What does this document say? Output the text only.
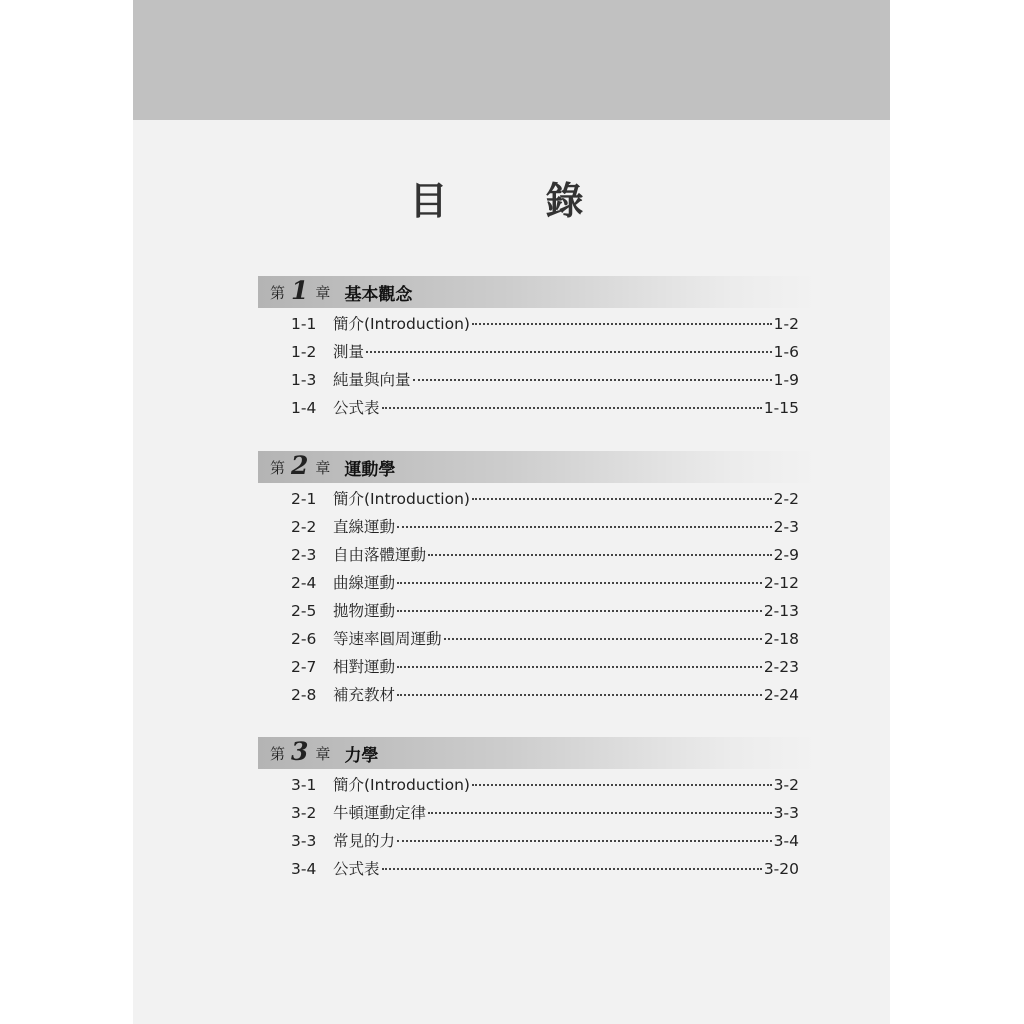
目　錄
第 1 章 基本觀念
1-1	簡介(Introduction)	1-2
1-2	測量	1-6
1-3	純量與向量	1-9
1-4	公式表	1-15
第 2 章 運動學
2-1	簡介(Introduction)	2-2
2-2	直線運動	2-3
2-3	自由落體運動	2-9
2-4	曲線運動	2-12
2-5	拋物運動	2-13
2-6	等速率圓周運動	2-18
2-7	相對運動	2-23
2-8	補充教材	2-24
第 3 章 力學
3-1	簡介(Introduction)	3-2
3-2	牛頓運動定律	3-3
3-3	常見的力	3-4
3-4	公式表	3-20
